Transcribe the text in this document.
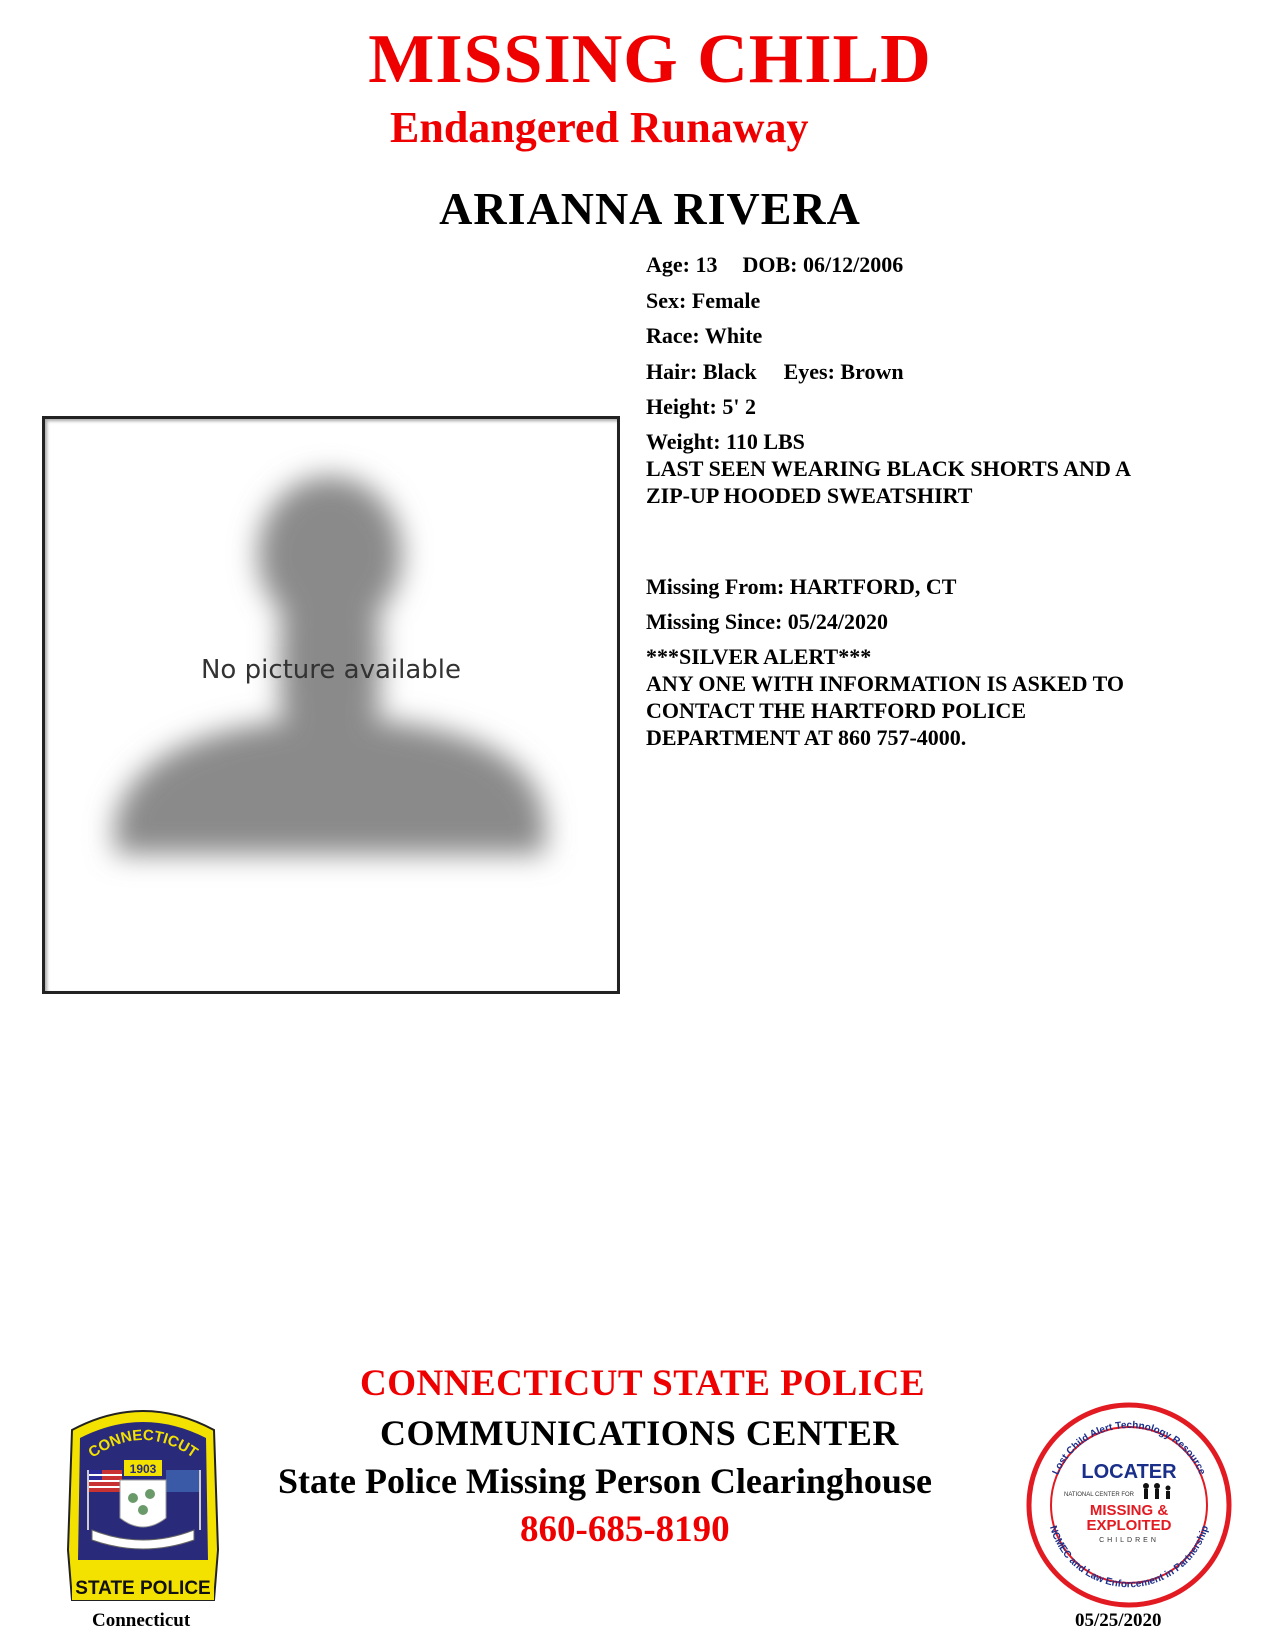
MISSING CHILD
Endangered Runaway
ARIANNA RIVERA
Age: 13 DOB: 06/12/2006
Sex: Female
Race: White
Hair: Black Eyes: Brown
Height: 5' 2
Weight: 110 LBS
LAST SEEN WEARING BLACK SHORTS AND A
ZIP-UP HOODED SWEATSHIRT
Missing From: HARTFORD, CT
Missing Since: 05/24/2020
***SILVER ALERT***
ANY ONE WITH INFORMATION IS ASKED TO
CONTACT THE HARTFORD POLICE
DEPARTMENT AT 860 757-4000.
No picture available
CONNECTICUT STATE POLICE
COMMUNICATIONS CENTER
State Police Missing Person Clearinghouse
860-685-8190
CONNECTICUT
1903
STATE POLICE
Connecticut
Lost Child Alert Technology Resource
NCMEC and Law Enforcement in Partnership
LOCATER
NATIONAL CENTER FOR
MISSING &
EXPLOITED
CHILDREN
05/25/2020
